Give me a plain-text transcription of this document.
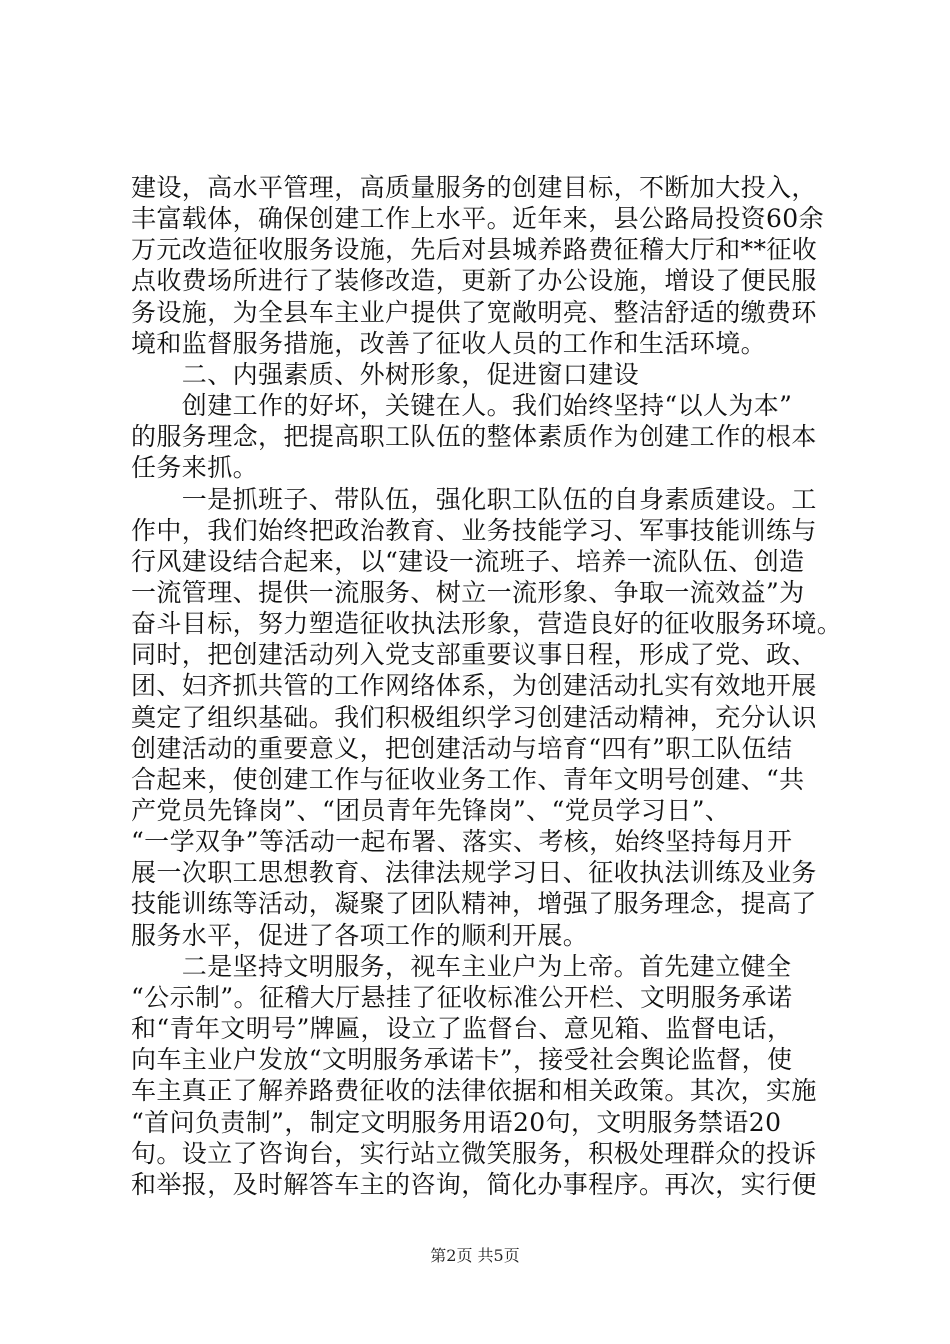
建设，高水平管理，高质量服务的创建目标，不断加大投入，
丰富载体，确保创建工作上水平。近年来，县公路局投资60余
万元改造征收服务设施，先后对县城养路费征稽大厅和**征收
点收费场所进行了装修改造，更新了办公设施，增设了便民服
务设施，为全县车主业户提供了宽敞明亮、整洁舒适的缴费环
境和监督服务措施，改善了征收人员的工作和生活环境。
　　二、内强素质、外树形象，促进窗口建设
　　创建工作的好坏，关键在人。我们始终坚持“以人为本”
的服务理念，把提高职工队伍的整体素质作为创建工作的根本
任务来抓。
　　一是抓班子、带队伍，强化职工队伍的自身素质建设。工
作中，我们始终把政治教育、业务技能学习、军事技能训练与
行风建设结合起来，以“建设一流班子、培养一流队伍、创造
一流管理、提供一流服务、树立一流形象、争取一流效益”为
奋斗目标，努力塑造征收执法形象，营造良好的征收服务环境。
同时，把创建活动列入党支部重要议事日程，形成了党、政、
团、妇齐抓共管的工作网络体系，为创建活动扎实有效地开展
奠定了组织基础。我们积极组织学习创建活动精神，充分认识
创建活动的重要意义，把创建活动与培育“四有”职工队伍结
合起来，使创建工作与征收业务工作、青年文明号创建、“共
产党员先锋岗”、“团员青年先锋岗”、“党员学习日”、
“一学双争”等活动一起布署、落实、考核，始终坚持每月开
展一次职工思想教育、法律法规学习日、征收执法训练及业务
技能训练等活动，凝聚了团队精神，增强了服务理念，提高了
服务水平，促进了各项工作的顺利开展。
　　二是坚持文明服务，视车主业户为上帝。首先建立健全
“公示制”。征稽大厅悬挂了征收标准公开栏、文明服务承诺
和“青年文明号”牌匾，设立了监督台、意见箱、监督电话，
向车主业户发放“文明服务承诺卡”，接受社会舆论监督，使
车主真正了解养路费征收的法律依据和相关政策。其次，实施
“首问负责制”，制定文明服务用语20句，文明服务禁语20
句。设立了咨询台，实行站立微笑服务，积极处理群众的投诉
和举报，及时解答车主的咨询，简化办事程序。再次，实行便
第2页 共5页
